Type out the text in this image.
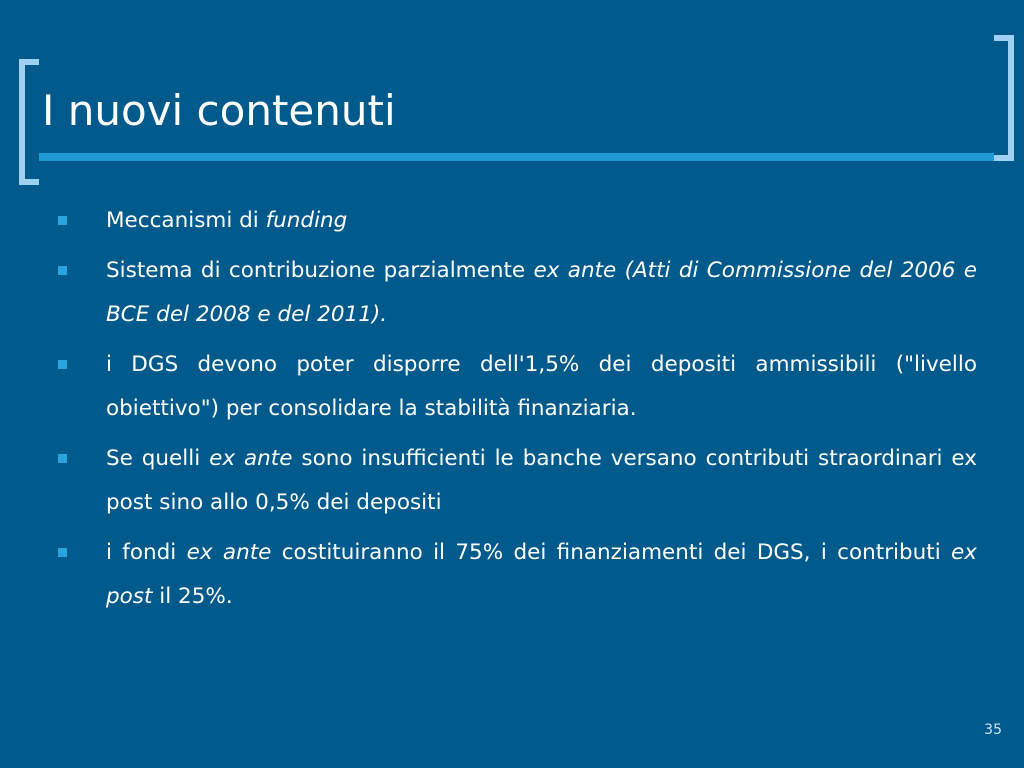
I nuovi contenuti
Meccanismi di funding
Sistema di contribuzione parzialmente ex ante (Atti di Commissione del 2006 e BCE del 2008 e del 2011).
i DGS devono poter disporre dell'1,5% dei depositi ammissibili ("livello obiettivo") per consolidare la stabilità finanziaria.
Se quelli ex ante sono insufficienti le banche versano contributi straordinari ex post sino allo 0,5% dei depositi
i fondi ex ante costituiranno il 75% dei finanziamenti dei DGS, i contributi ex post il 25%.
35
